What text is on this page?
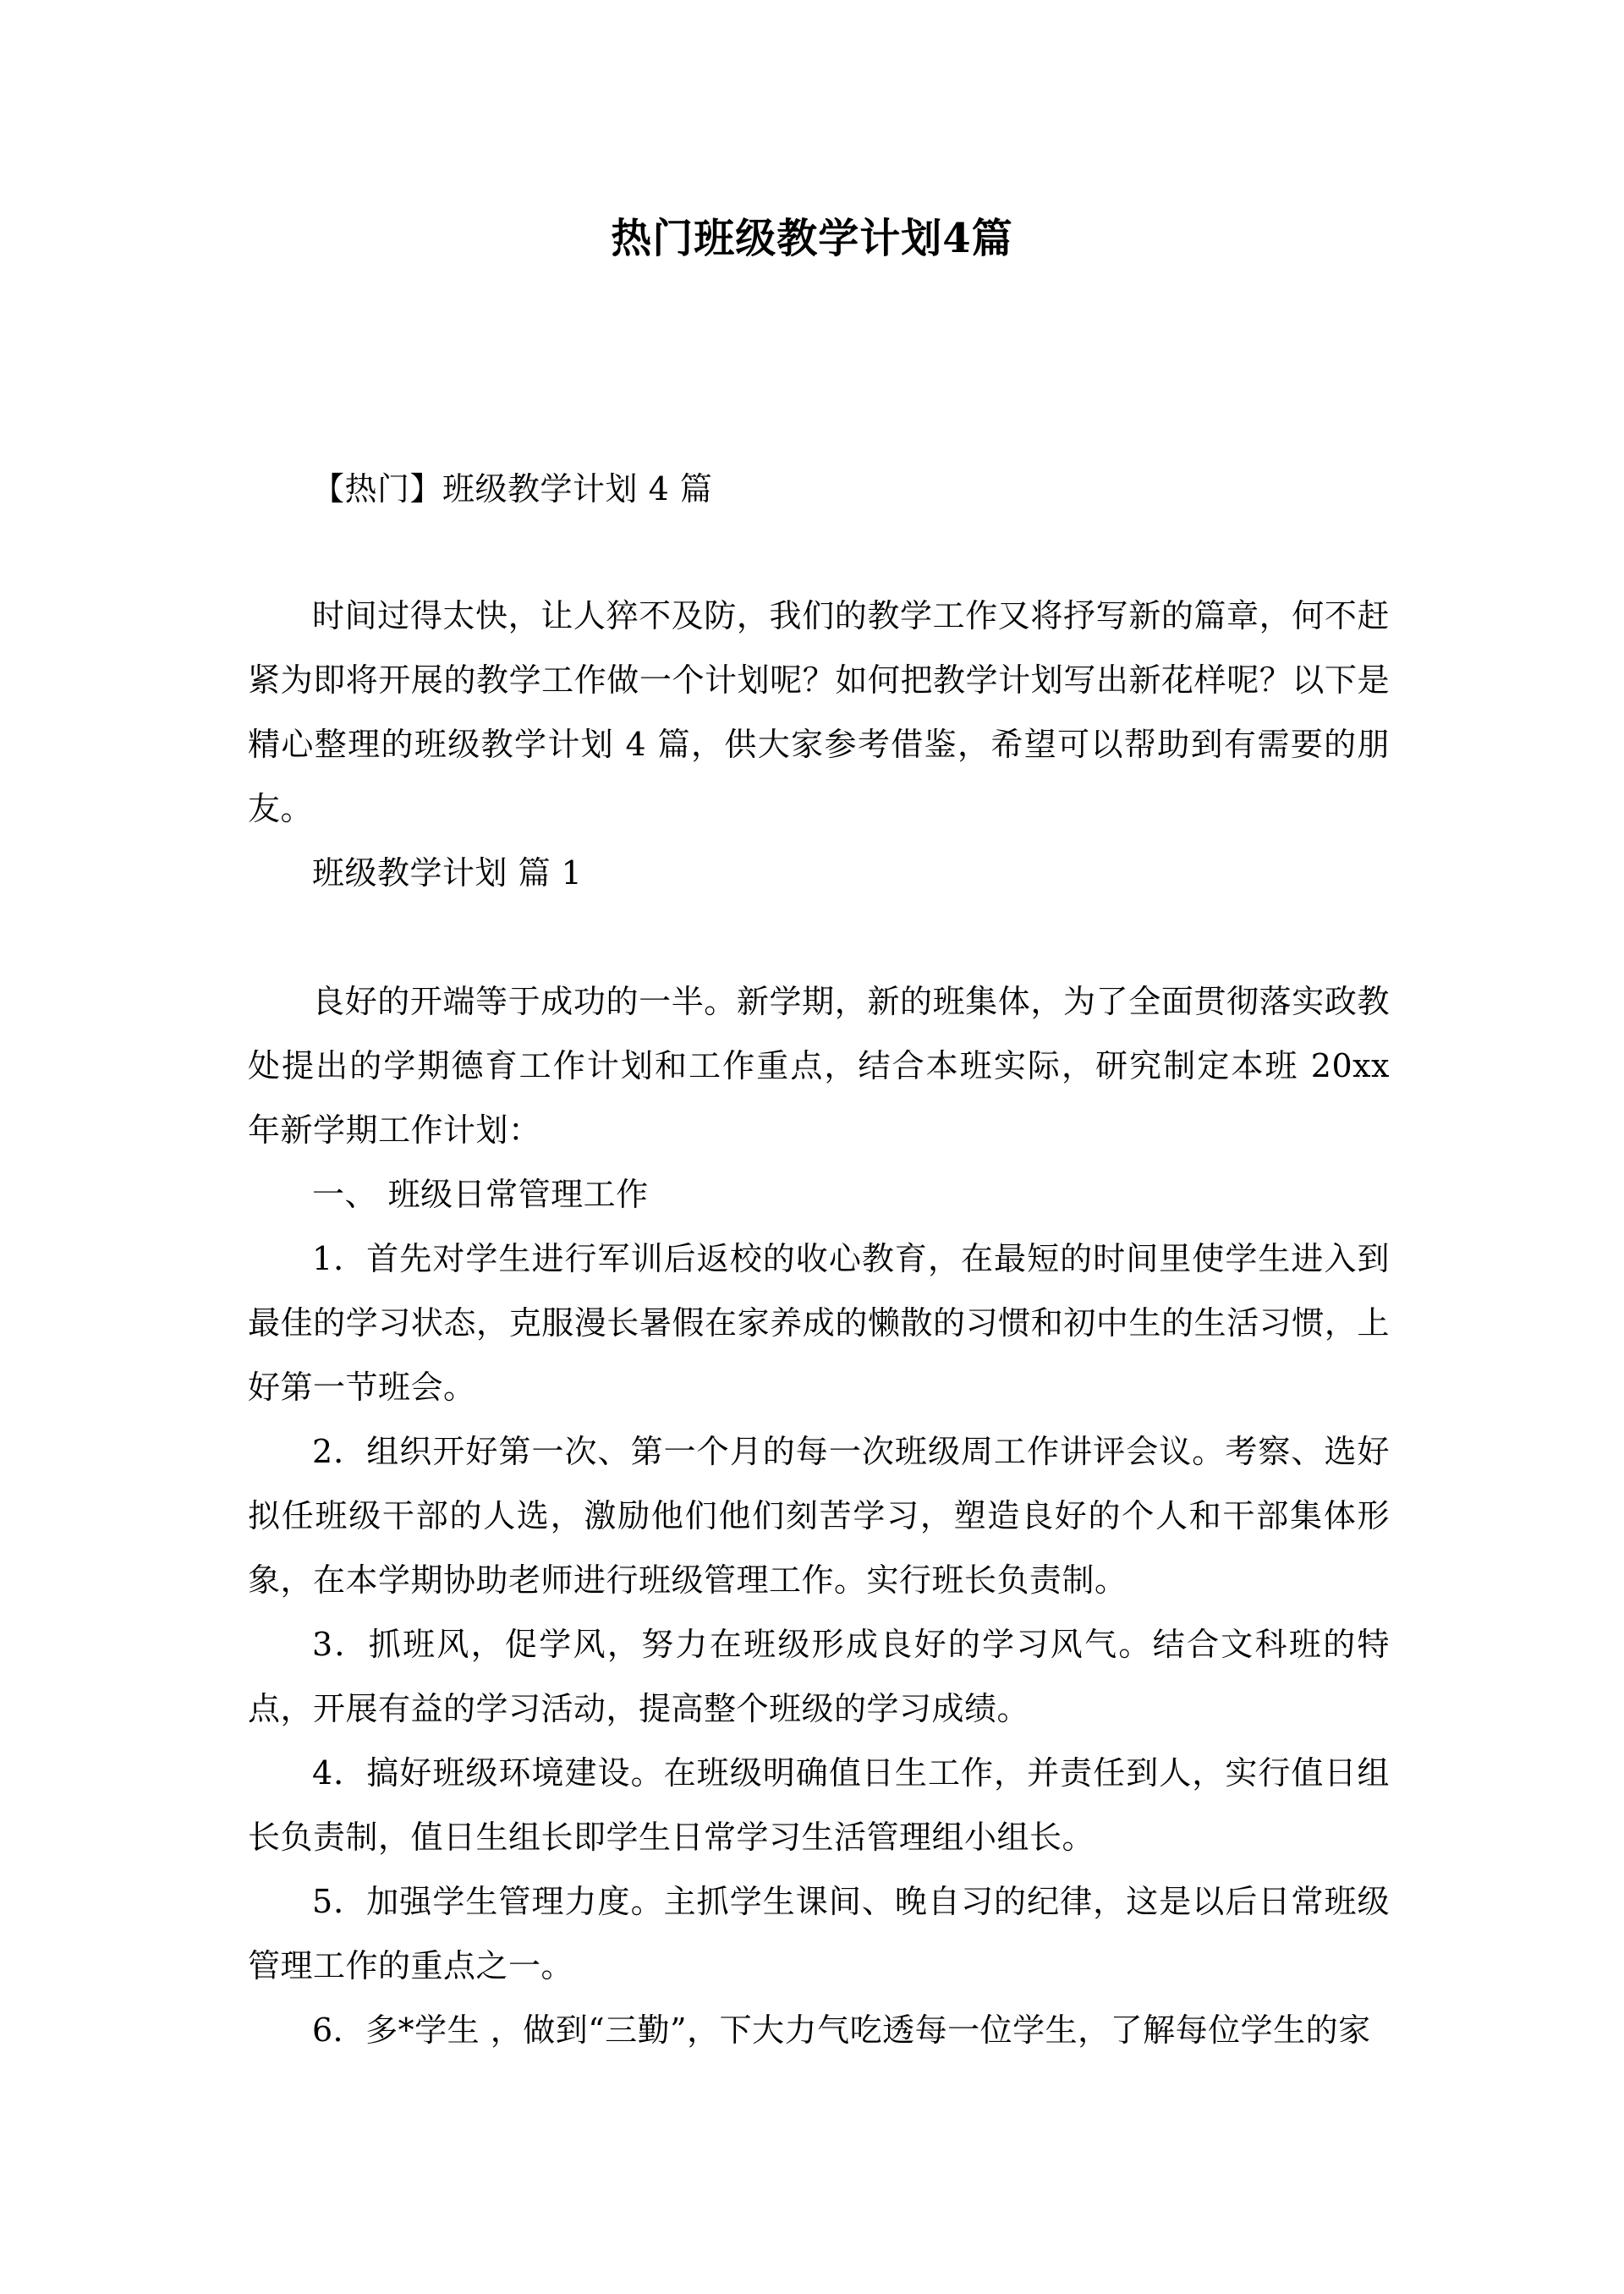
热门班级教学计划4篇

【热门】班级教学计划 4 篇

时间过得太快，让人猝不及防，我们的教学工作又将抒写新的篇章，何不赶紧为即将开展的教学工作做一个计划呢？如何把教学计划写出新花样呢？以下是精心整理的班级教学计划 4 篇，供大家参考借鉴，希望可以帮助到有需要的朋友。

班级教学计划 篇 1

良好的开端等于成功的一半。新学期，新的班集体，为了全面贯彻落实政教处提出的学期德育工作计划和工作重点，结合本班实际，研究制定本班 20xx 年新学期工作计划：

一、 班级日常管理工作

1．首先对学生进行军训后返校的收心教育，在最短的时间里使学生进入到最佳的学习状态，克服漫长暑假在家养成的懒散的习惯和初中生的生活习惯，上好第一节班会。

2．组织开好第一次、第一个月的每一次班级周工作讲评会议。考察、选好拟任班级干部的人选，激励他们他们刻苦学习，塑造良好的个人和干部集体形象，在本学期协助老师进行班级管理工作。实行班长负责制。

3．抓班风，促学风，努力在班级形成良好的学习风气。结合文科班的特点，开展有益的学习活动，提高整个班级的学习成绩。

4．搞好班级环境建设。在班级明确值日生工作，并责任到人，实行值日组长负责制，值日生组长即学生日常学习生活管理组小组长。

5．加强学生管理力度。主抓学生课间、晚自习的纪律，这是以后日常班级管理工作的重点之一。

6．多*学生 ，做到“三勤”，下大力气吃透每一位学生，了解每位学生的家
